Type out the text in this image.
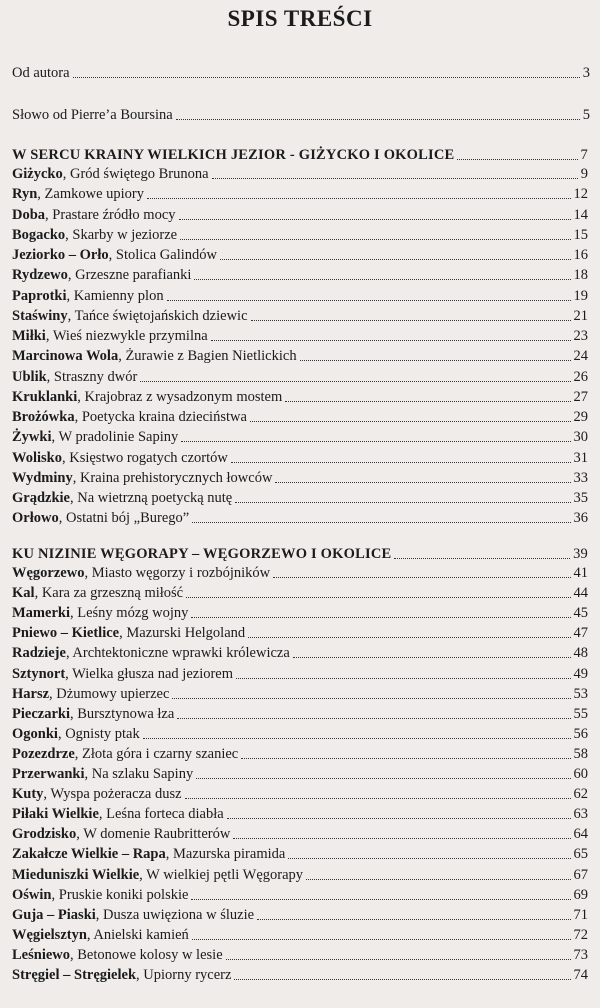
SPIS TREŚCI
Od autora	3
Słowo od Pierre’a Boursina	5
W SERCU KRAINY WIELKICH JEZIOR - GIŻYCKO I OKOLICE	7
Giżycko, Gród świętego Brunona	9
Ryn, Zamkowe upiory	12
Doba, Prastare źródło mocy	14
Bogacko, Skarby w jeziorze	15
Jeziorko – Orło, Stolica Galindów	16
Rydzewo, Grzeszne parafianki	18
Paprotki, Kamienny plon	19
Staświny, Tańce świętojańskich dziewic	21
Miłki, Wieś niezwykle przymilna	23
Marcinowa Wola, Żurawie z Bagien Nietlickich	24
Ublik, Straszny dwór	26
Kruklanki, Krajobraz z wysadzonym mostem	27
Brożówka, Poetycka kraina dzieciństwa	29
Żywki, W pradolinie Sapiny	30
Wolisko, Księstwo rogatych czortów	31
Wydminy, Kraina prehistorycznych łowców	33
Grądzkie, Na wietrzną poetycką nutę	35
Orłowo, Ostatni bój „Burego”	36
KU NIZINIE WĘGORAPY – WĘGORZEWO I OKOLICE	39
Węgorzewo, Miasto węgorzy i rozbójników	41
Kal, Kara za grzeszną miłość	44
Mamerki, Leśny mózg wojny	45
Pniewo – Kietlice, Mazurski Helgoland	47
Radzieje, Archtektoniczne wprawki królewicza	48
Sztynort, Wielka głusza nad jeziorem	49
Harsz, Dżumowy upierzec	53
Pieczarki, Bursztynowa łza	55
Ogonki, Ognisty ptak	56
Pozezdrze, Złota góra i czarny szaniec	58
Przerwanki, Na szlaku Sapiny	60
Kuty, Wyspa pożeracza dusz	62
Piłaki Wielkie, Leśna forteca diabła	63
Grodzisko, W domenie Raubritterów	64
Zakałcze Wielkie – Rapa, Mazurska piramida	65
Mieduniszki Wielkie, W wielkiej pętli Węgorapy	67
Oświn, Pruskie koniki polskie	69
Guja – Piaski, Dusza uwięziona w śluzie	71
Węgielsztyn, Anielski kamień	72
Leśniewo, Betonowe kolosy w lesie	73
Stręgiel – Stręgielek, Upiorny rycerz	74
